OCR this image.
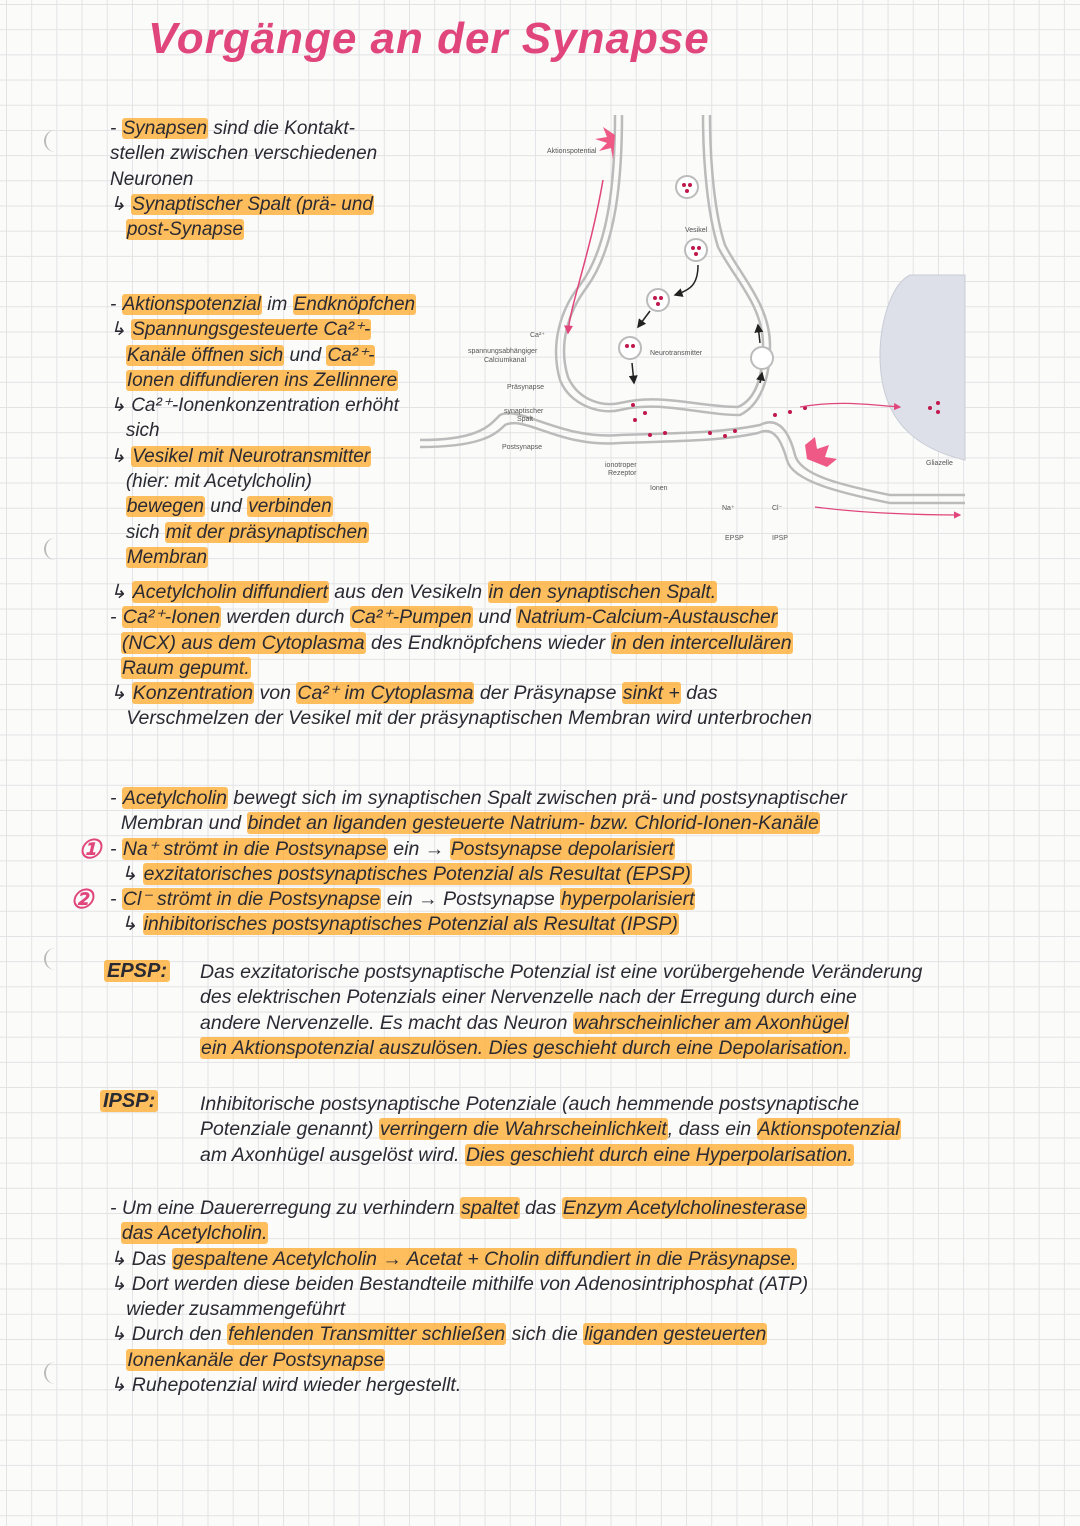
Vorgänge an der Synapse
- Synapsen sind die Kontakt-
stellen zwischen verschiedenen
Neuronen
↳ Synaptischer Spalt (prä- und
post-Synapse
- Aktionspotenzial im Endknöpfchen
↳ Spannungsgesteuerte Ca²⁺-
Kanäle öffnen sich und Ca²⁺-
Ionen diffundieren ins Zellinnere
↳ Ca²⁺-Ionenkonzentration erhöht
sich
↳ Vesikel mit Neurotransmitter
(hier: mit Acetylcholin)
bewegen und verbinden
sich mit der präsynaptischen
Membran
↳ Acetylcholin diffundiert aus den Vesikeln in den synaptischen Spalt.
- Ca²⁺-Ionen werden durch Ca²⁺-Pumpen und Natrium-Calcium-Austauscher
(NCX) aus dem Cytoplasma des Endknöpfchens wieder in den intercellulären
Raum gepumt.
↳ Konzentration von Ca²⁺ im Cytoplasma der Präsynapse sinkt + das
Verschmelzen der Vesikel mit der präsynaptischen Membran wird unterbrochen
- Acetylcholin bewegt sich im synaptischen Spalt zwischen prä- und postsynaptischer
Membran und bindet an liganden gesteuerte Natrium- bzw. Chlorid-Ionen-Kanäle
- Na⁺ strömt in die Postsynapse ein → Postsynapse depolarisiert
↳ exzitatorisches postsynaptisches Potenzial als Resultat (EPSP)
- Cl⁻ strömt in die Postsynapse ein → Postsynapse hyperpolarisiert
↳ inhibitorisches postsynaptisches Potenzial als Resultat (IPSP)
Das exzitatorische postsynaptische Potenzial ist eine vorübergehende Veränderung
des elektrischen Potenzials einer Nervenzelle nach der Erregung durch eine
andere Nervenzelle. Es macht das Neuron wahrscheinlicher am Axonhügel
ein Aktionspotenzial auszulösen. Dies geschieht durch eine Depolarisation.
Inhibitorische postsynaptische Potenziale (auch hemmende postsynaptische
Potenziale genannt) verringern die Wahrscheinlichkeit, dass ein Aktionspotenzial
am Axonhügel ausgelöst wird. Dies geschieht durch eine Hyperpolarisation.
- Um eine Dauererregung zu verhindern spaltet das Enzym Acetylcholinesterase
das Acetylcholin.
↳ Das gespaltene Acetylcholin → Acetat + Cholin diffundiert in die Präsynapse.
↳ Dort werden diese beiden Bestandteile mithilfe von Adenosintriphosphat (ATP)
wieder zusammengeführt
↳ Durch den fehlenden Transmitter schließen sich die liganden gesteuerten
Ionenkanäle der Postsynapse
↳ Ruhepotenzial wird wieder hergestellt.
①
②
EPSP:
IPSP:
Aktionspotential
Vesikel
Ca²⁺
spannungsabhängiger
Calciumkanal
Neurotransmitter
Präsynapse
synaptischer
Spalt
Postsynapse
ionotroper
Rezeptor
Ionen
Na⁺	Cl⁻
EPSP	IPSP
Gliazelle
